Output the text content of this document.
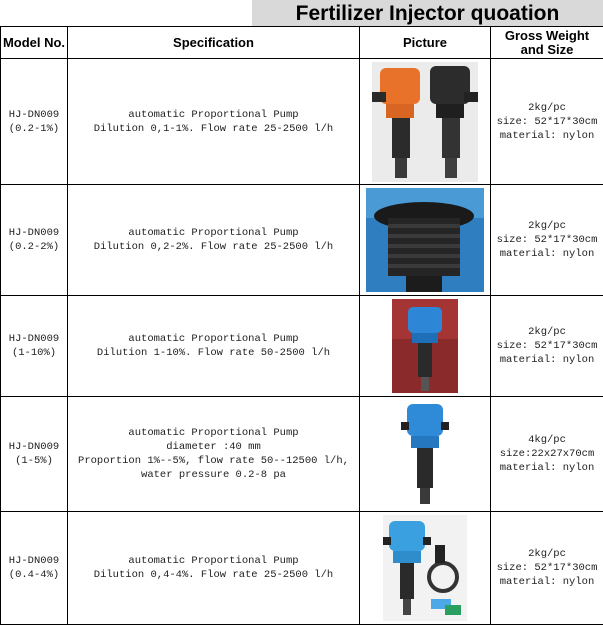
Fertilizer Injector quoation
Model No.	Specification	Picture	Gross Weight
and Size

HJ-DN009
(0.2-1%)	automatic Proportional Pump
Dilution 0,1-1%. Flow rate 25-2500 l/h		2kg/pc
size: 52*17*30cm
material: nylon

HJ-DN009
(0.2-2%)	automatic Proportional Pump
Dilution 0,2-2%. Flow rate 25-2500 l/h		2kg/pc
size: 52*17*30cm
material: nylon

HJ-DN009
(1-10%)	automatic Proportional Pump
Dilution 1-10%. Flow rate 50-2500 l/h		2kg/pc
size: 52*17*30cm
material: nylon

HJ-DN009
(1-5%)	automatic Proportional Pump
diameter :40 mm
Proportion 1%--5%, flow rate 50--12500 l/h,
water pressure 0.2-8 pa		4kg/pc
size:22x27x70cm
material: nylon

HJ-DN009
(0.4-4%)	automatic Proportional Pump
Dilution 0,4-4%. Flow rate 25-2500 l/h		2kg/pc
size: 52*17*30cm
material: nylon
